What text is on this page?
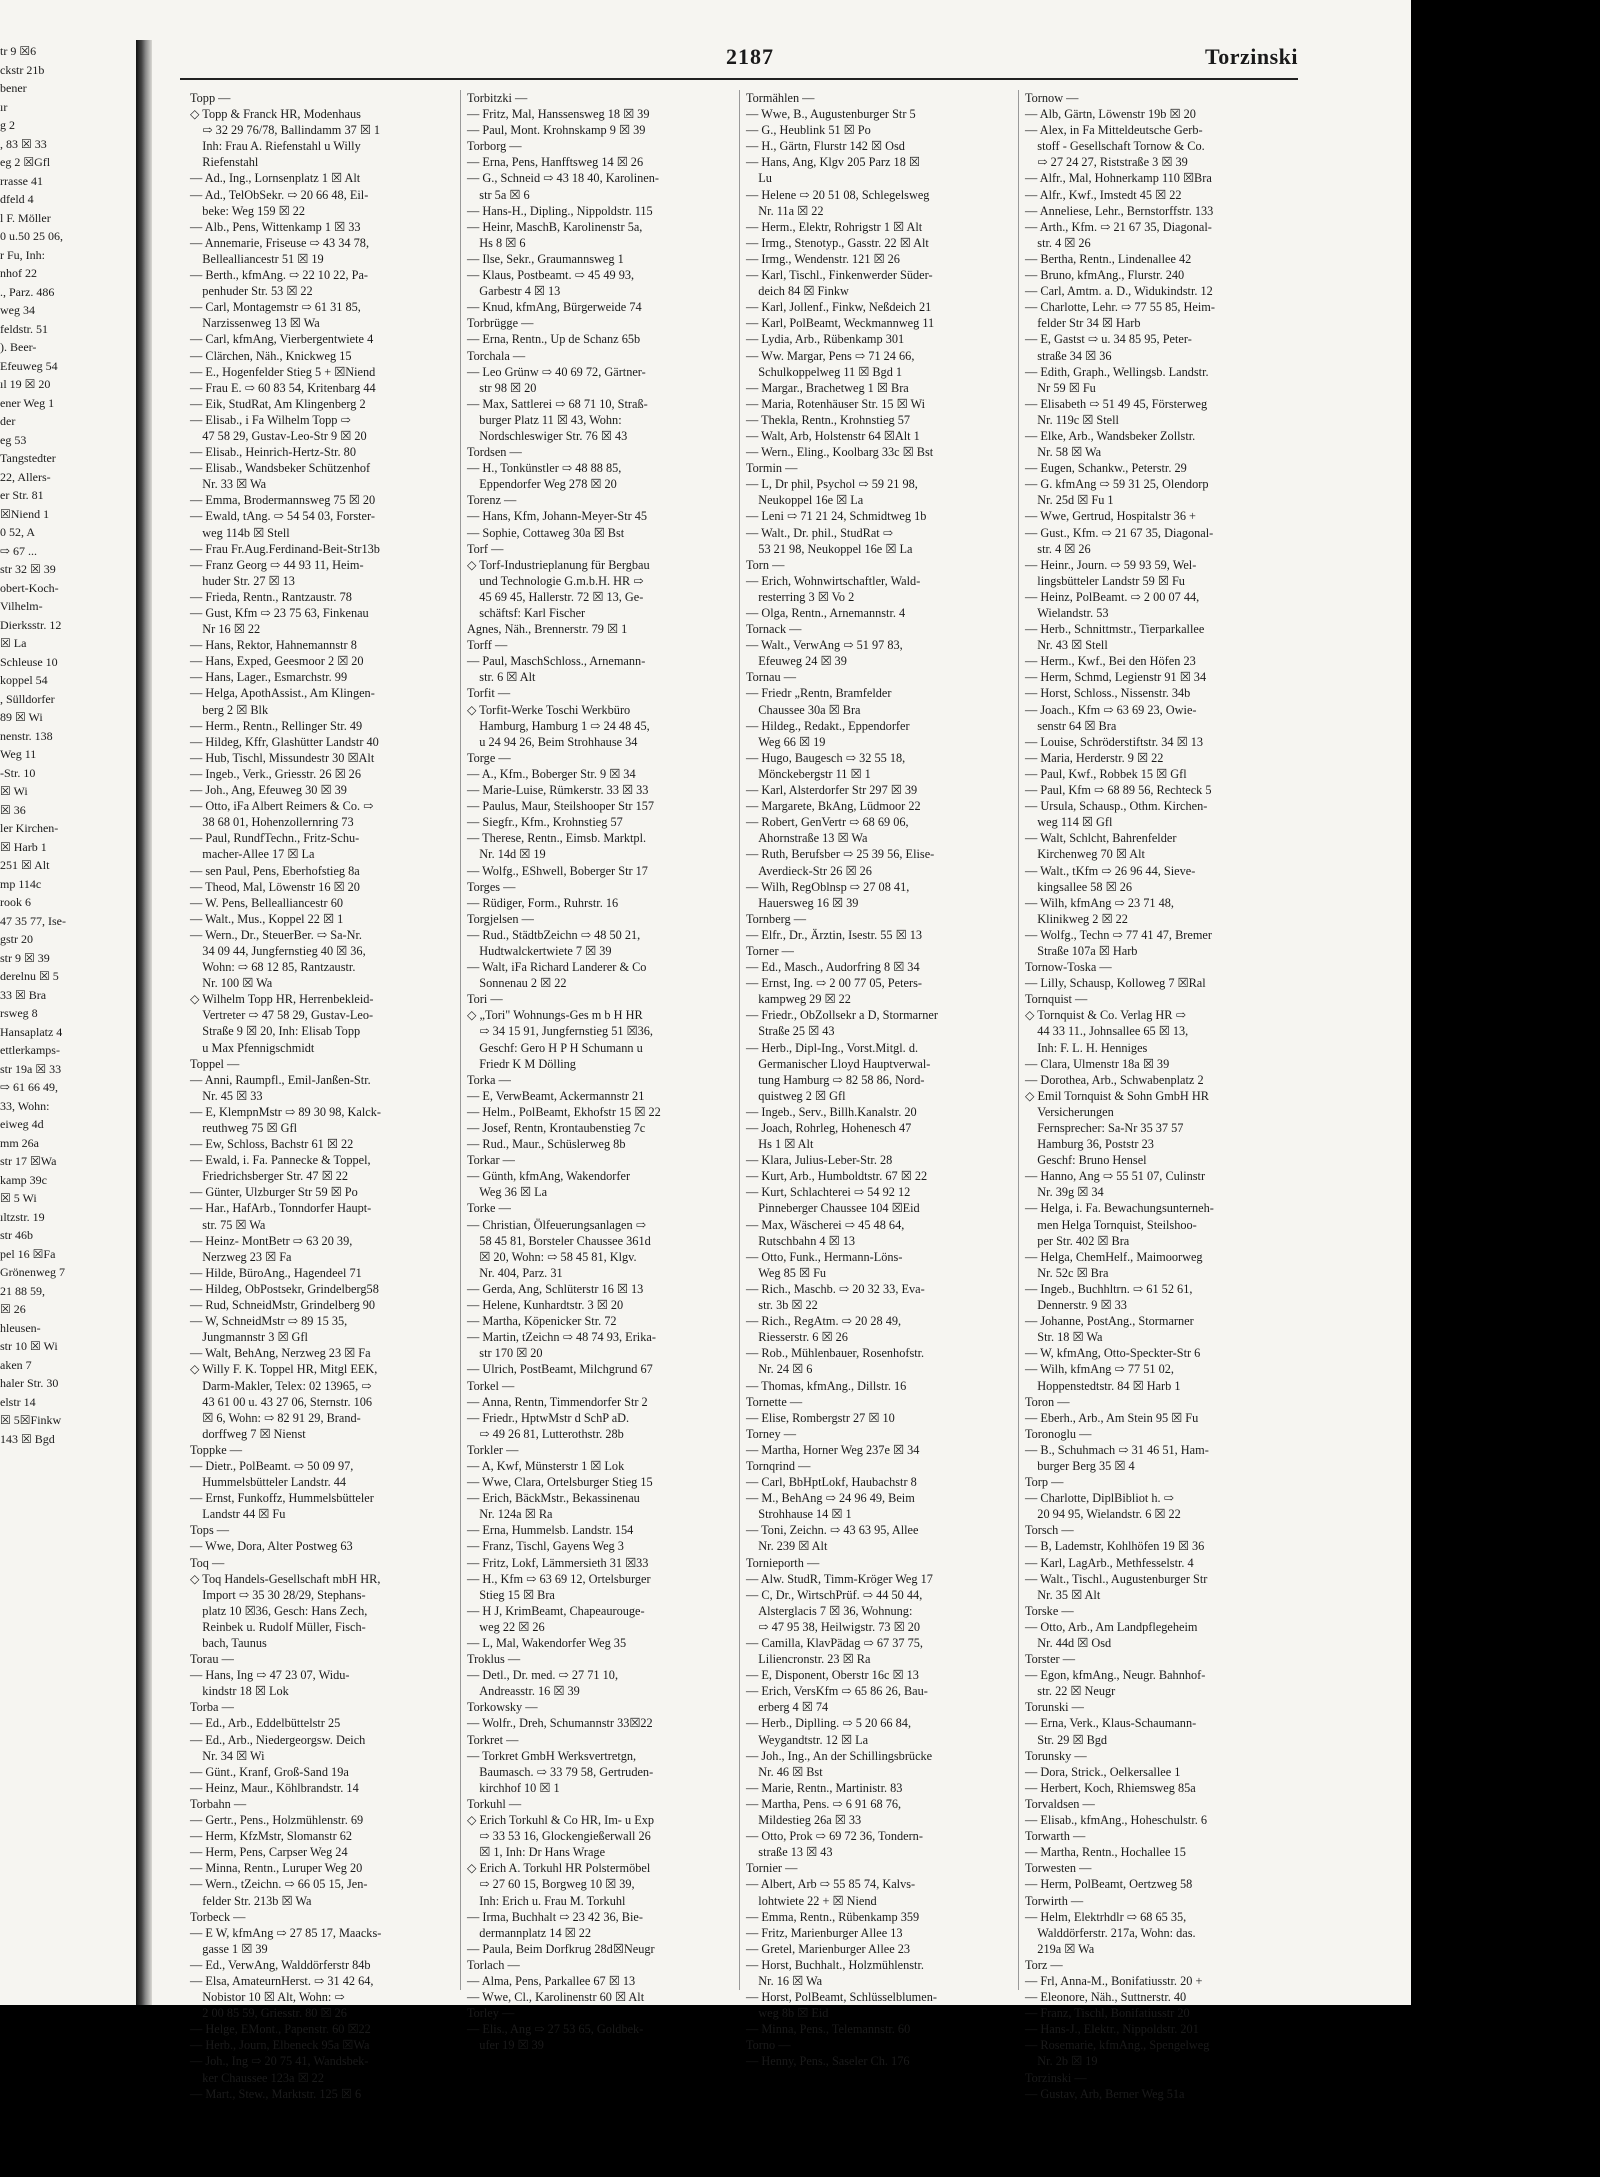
tr 9 ☒6
ckstr 21b
bener
ır
g 2
, 83 ☒ 33
eg 2 ☒Gfl
rrasse 41
dfeld 4
l F. Möller
0 u.50 25 06,
r Fu, Inh:
nhof 22
., Parz. 486
weg 34
feldstr. 51
). Beer-
Efeuweg 54
ıl 19 ☒ 20
ener Weg 1
der
eg 53
Tangstedter
22, Allers-
er Str. 81
☒Niend 1
0 52, A
⇨ 67 ...
str 32 ☒ 39
obert-Koch-
Vilhelm-
Dierksstr. 12
☒ La
Schleuse 10
koppel 54
, Sülldorfer
89 ☒ Wi
nenstr. 138
Weg 11
-Str. 10
☒ Wi
☒ 36
ler Kirchen-
☒ Harb 1
251 ☒ Alt
mp 114c
rook 6
47 35 77, Ise-
gstr 20
str 9 ☒ 39
derelnu ☒ 5
33 ☒ Bra
rsweg 8
Hansaplatz 4
ettlerkamps-
str 19a ☒ 33
⇨ 61 66 49,
33, Wohn:
eiweg 4d
mm 26a
str 17 ☒Wa
kamp 39c
☒ 5 Wi
ıltzstr. 19
str 46b
pel 16 ☒Fa
Grönenweg 7
21 88 59,
☒ 26
hleusen-
str 10 ☒ Wi
aken 7
haler Str. 30
elstr 14
☒ 5☒Finkw
143 ☒ Bgd
2187	Torzinski
Topp —
◇ Topp & Franck HR, Modenhaus
 ⇨ 32 29 76/78, Ballindamm 37 ☒ 1
 Inh: Frau A. Riefenstahl u Willy
 Riefenstahl
— Ad., Ing., Lornsenplatz 1 ☒ Alt
— Ad., TelObSekr. ⇨ 20 66 48, Eil-
 beke: Weg 159 ☒ 22
— Alb., Pens, Wittenkamp 1 ☒ 33
— Annemarie, Friseuse ⇨ 43 34 78,
 Bellealliancestr 51 ☒ 19
— Berth., kfmAng. ⇨ 22 10 22, Pa-
 penhuder Str. 53 ☒ 22
— Carl, Montagemstr ⇨ 61 31 85,
 Narzissenweg 13 ☒ Wa
— Carl, kfmAng, Vierbergentwiete 4
— Clärchen, Näh., Knickweg 15
— E., Hogenfelder Stieg 5 + ☒Niend
— Frau E. ⇨ 60 83 54, Kritenbarg 44
— Eik, StudRat, Am Klingenberg 2
— Elisab., i Fa Wilhelm Topp ⇨
 47 58 29, Gustav-Leo-Str 9 ☒ 20
— Elisab., Heinrich-Hertz-Str. 80
— Elisab., Wandsbeker Schützenhof
 Nr. 33 ☒ Wa
— Emma, Brodermannsweg 75 ☒ 20
— Ewald, tAng. ⇨ 54 54 03, Forster-
 weg 114b ☒ Stell
— Frau Fr.Aug.Ferdinand-Beit-Str13b
— Franz Georg ⇨ 44 93 11, Heim-
 huder Str. 27 ☒ 13
— Frieda, Rentn., Rantzaustr. 78
— Gust, Kfm ⇨ 23 75 63, Finkenau
 Nr 16 ☒ 22
— Hans, Rektor, Hahnemannstr 8
— Hans, Exped, Geesmoor 2 ☒ 20
— Hans, Lager., Esmarchstr. 99
— Helga, ApothAssist., Am Klingen-
 berg 2 ☒ Blk
— Herm., Rentn., Rellinger Str. 49
— Hildeg, Kffr, Glashütter Landstr 40
— Hub, Tischl, Missundestr 30 ☒Alt
— Ingeb., Verk., Griesstr. 26 ☒ 26
— Joh., Ang, Efeuweg 30 ☒ 39
— Otto, iFa Albert Reimers & Co. ⇨
 38 68 01, Hohenzollernring 73
— Paul, RundfTechn., Fritz-Schu-
 macher-Allee 17 ☒ La
— sen Paul, Pens, Eberhofstieg 8a
— Theod, Mal, Löwenstr 16 ☒ 20
— W. Pens, Bellealliancestr 60
— Walt., Mus., Koppel 22 ☒ 1
— Wern., Dr., SteuerBer. ⇨ Sa-Nr.
 34 09 44, Jungfernstieg 40 ☒ 36,
 Wohn: ⇨ 68 12 85, Rantzaustr.
 Nr. 100 ☒ Wa
◇ Wilhelm Topp HR, Herrenbekleid-
 Vertreter ⇨ 47 58 29, Gustav-Leo-
 Straße 9 ☒ 20, Inh: Elisab Topp
 u Max Pfennigschmidt
Toppel —
— Anni, Raumpfl., Emil-Janßen-Str.
 Nr. 45 ☒ 33
— E, KlempnMstr ⇨ 89 30 98, Kalck-
 reuthweg 75 ☒ Gfl
— Ew, Schloss, Bachstr 61 ☒ 22
— Ewald, i. Fa. Pannecke & Toppel,
 Friedrichsberger Str. 47 ☒ 22
— Günter, Ulzburger Str 59 ☒ Po
— Har., HafArb., Tonndorfer Haupt-
 str. 75 ☒ Wa
— Heinz- MontBetr ⇨ 63 20 39,
 Nerzweg 23 ☒ Fa
— Hilde, BüroAng., Hagendeel 71
— Hildeg, ObPostsekr, Grindelberg58
— Rud, SchneidMstr, Grindelberg 90
— W, SchneidMstr ⇨ 89 15 35,
 Jungmannstr 3 ☒ Gfl
— Walt, BehAng, Nerzweg 23 ☒ Fa
◇ Willy F. K. Toppel HR, Mitgl EEK,
 Darm-Makler, Telex: 02 13965, ⇨
 43 61 00 u. 43 27 06, Sternstr. 106
 ☒ 6, Wohn: ⇨ 82 91 29, Brand-
 dorffweg 7 ☒ Nienst
Toppke —
— Dietr., PolBeamt. ⇨ 50 09 97,
 Hummelsbütteler Landstr. 44
— Ernst, Funkoffz, Hummelsbütteler
 Landstr 44 ☒ Fu
Tops —
— Wwe, Dora, Alter Postweg 63
Toq —
◇ Toq Handels-Gesellschaft mbH HR,
 Import ⇨ 35 30 28/29, Stephans-
 platz 10 ☒36, Gesch: Hans Zech,
 Reinbek u. Rudolf Müller, Fisch-
 bach, Taunus
Torau —
— Hans, Ing ⇨ 47 23 07, Widu-
 kindstr 18 ☒ Lok
Torba —
— Ed., Arb., Eddelbüttelstr 25
— Ed., Arb., Niedergeorgsw. Deich
 Nr. 34 ☒ Wi
— Günt., Kranf, Groß-Sand 19a
— Heinz, Maur., Köhlbrandstr. 14
Torbahn —
— Gertr., Pens., Holzmühlenstr. 69
— Herm, KfzMstr, Slomanstr 62
— Herm, Pens, Carpser Weg 24
— Minna, Rentn., Luruper Weg 20
— Wern., tZeichn. ⇨ 66 05 15, Jen-
 felder Str. 213b ☒ Wa
Torbeck —
— E W, kfmAng ⇨ 27 85 17, Maacks-
 gasse 1 ☒ 39
— Ed., VerwAng, Walddörferstr 84b
— Elsa, AmateurnHerst. ⇨ 31 42 64,
 Nobistor 10 ☒ Alt, Wohn: ⇨
 2 00 85 59, Griesstr. 80 ☒ 26
— Helge, EMont., Papenstr. 60 ☒22
— Herb., Journ, Elbeneck 95a ☒Wa
— Joh., Ing ⇨ 20 75 41, Wandsbek-
 ker Chaussee 123a ☒ 22
— Mart., Stew., Marktstr. 125 ☒ 6
Torbitzki —
— Fritz, Mal, Hanssensweg 18 ☒ 39
— Paul, Mont. Krohnskamp 9 ☒ 39
Torborg —
— Erna, Pens, Hanfftsweg 14 ☒ 26
— G., Schneid ⇨ 43 18 40, Karolinen-
 str 5a ☒ 6
— Hans-H., Dipling., Nippoldstr. 115
— Heinr, MaschB, Karolinenstr 5a,
 Hs 8 ☒ 6
— Ilse, Sekr., Graumannsweg 1
— Klaus, Postbeamt. ⇨ 45 49 93,
 Garbestr 4 ☒ 13
— Knud, kfmAng, Bürgerweide 74
Torbrügge —
— Erna, Rentn., Up de Schanz 65b
Torchala —
— Leo Grünw ⇨ 40 69 72, Gärtner-
 str 98 ☒ 20
— Max, Sattlerei ⇨ 68 71 10, Straß-
 burger Platz 11 ☒ 43, Wohn:
 Nordschleswiger Str. 76 ☒ 43
Tordsen —
— H., Tonkünstler ⇨ 48 88 85,
 Eppendorfer Weg 278 ☒ 20
Torenz —
— Hans, Kfm, Johann-Meyer-Str 45
— Sophie, Cottaweg 30a ☒ Bst
Torf —
◇ Torf-Industrieplanung für Bergbau
 und Technologie G.m.b.H. HR ⇨
 45 69 45, Hallerstr. 72 ☒ 13, Ge-
 schäftsf: Karl Fischer
Agnes, Näh., Brennerstr. 79 ☒ 1
Torff —
— Paul, MaschSchloss., Arnemann-
 str. 6 ☒ Alt
Torfit —
◇ Torfit-Werke Toschi Werkbüro
 Hamburg, Hamburg 1 ⇨ 24 48 45,
 u 24 94 26, Beim Strohhause 34
Torge —
— A., Kfm., Boberger Str. 9 ☒ 34
— Marie-Luise, Rümkerstr. 33 ☒ 33
— Paulus, Maur, Steilshooper Str 157
— Siegfr., Kfm., Krohnstieg 57
— Therese, Rentn., Eimsb. Marktpl.
 Nr. 14d ☒ 19
— Wolfg., EShwell, Boberger Str 17
Torges —
— Rüdiger, Form., Ruhrstr. 16
Torgjelsen —
— Rud., StädtbZeichn ⇨ 48 50 21,
 Hudtwalckertwiete 7 ☒ 39
— Walt, iFa Richard Landerer & Co
 Sonnenau 2 ☒ 22
Tori —
◇ „Tori" Wohnungs-Ges m b H HR
 ⇨ 34 15 91, Jungfernstieg 51 ☒36,
 Geschf: Gero H P H Schumann u
 Friedr K M Dölling
Torka —
— E, VerwBeamt, Ackermannstr 21
— Helm., PolBeamt, Ekhofstr 15 ☒ 22
— Josef, Rentn, Krontaubenstieg 7c
— Rud., Maur., Schüslerweg 8b
Torkar —
— Günth, kfmAng, Wakendorfer
 Weg 36 ☒ La
Torke —
— Christian, Ölfeuerungsanlagen ⇨
 58 45 81, Borsteler Chaussee 361d
 ☒ 20, Wohn: ⇨ 58 45 81, Klgv.
 Nr. 404, Parz. 31
— Gerda, Ang, Schlüterstr 16 ☒ 13
— Helene, Kunhardtstr. 3 ☒ 20
— Martha, Köpenicker Str. 72
— Martin, tZeichn ⇨ 48 74 93, Erika-
 str 170 ☒ 20
— Ulrich, PostBeamt, Milchgrund 67
Torkel —
— Anna, Rentn, Timmendorfer Str 2
— Friedr., HptwMstr d SchP aD.
 ⇨ 49 26 81, Lutterothstr. 28b
Torkler —
— A, Kwf, Münsterstr 1 ☒ Lok
— Wwe, Clara, Ortelsburger Stieg 15
— Erich, BäckMstr., Bekassinenau
 Nr. 124a ☒ Ra
— Erna, Hummelsb. Landstr. 154
— Franz, Tischl, Gayens Weg 3
— Fritz, Lokf, Lämmersieth 31 ☒33
— H., Kfm ⇨ 63 69 12, Ortelsburger
 Stieg 15 ☒ Bra
— H J, KrimBeamt, Chapeaurouge-
 weg 22 ☒ 26
— L, Mal, Wakendorfer Weg 35
Troklus —
— Detl., Dr. med. ⇨ 27 71 10,
 Andreasstr. 16 ☒ 39
Torkowsky —
— Wolfr., Dreh, Schumannstr 33☒22
Torkret —
— Torkret GmbH Werksvertretgn,
 Baumasch. ⇨ 33 79 58, Gertruden-
 kirchhof 10 ☒ 1
Torkuhl —
◇ Erich Torkuhl & Co HR, Im- u Exp
 ⇨ 33 53 16, Glockengießerwall 26
 ☒ 1, Inh: Dr Hans Wrage
◇ Erich A. Torkuhl HR Polstermöbel
 ⇨ 27 60 15, Borgweg 10 ☒ 39,
 Inh: Erich u. Frau M. Torkuhl
— Irma, Buchhalt ⇨ 23 42 36, Bie-
 dermannplatz 14 ☒ 22
— Paula, Beim Dorfkrug 28d☒Neugr
Torlach —
— Alma, Pens, Parkallee 67 ☒ 13
— Wwe, Cl., Karolinenstr 60 ☒ Alt
Torley —
— Elis., Ang ⇨ 27 53 65, Goldbek-
 ufer 19 ☒ 39
Tormählen —
— Wwe, B., Augustenburger Str 5
— G., Heublink 51 ☒ Po
— H., Gärtn, Flurstr 142 ☒ Osd
— Hans, Ang, Klgv 205 Parz 18 ☒
 Lu
— Helene ⇨ 20 51 08, Schlegelsweg
 Nr. 11a ☒ 22
— Herm., Elektr, Rohrigstr 1 ☒ Alt
— Irmg., Stenotyp., Gasstr. 22 ☒ Alt
— Irmg., Wendenstr. 121 ☒ 26
— Karl, Tischl., Finkenwerder Süder-
 deich 84 ☒ Finkw
— Karl, Jollenf., Finkw, Neßdeich 21
— Karl, PolBeamt, Weckmannweg 11
— Lydia, Arb., Rübenkamp 301
— Ww. Margar, Pens ⇨ 71 24 66,
 Schulkoppelweg 11 ☒ Bgd 1
— Margar., Brachetweg 1 ☒ Bra
— Maria, Rotenhäuser Str. 15 ☒ Wi
— Thekla, Rentn., Krohnstieg 57
— Walt, Arb, Holstenstr 64 ☒Alt 1
— Wern., Eling., Koolbarg 33c ☒ Bst
Tormin —
— L, Dr phil, Psychol ⇨ 59 21 98,
 Neukoppel 16e ☒ La
— Leni ⇨ 71 21 24, Schmidtweg 1b
— Walt., Dr. phil., StudRat ⇨
 53 21 98, Neukoppel 16e ☒ La
Torn —
— Erich, Wohnwirtschaftler, Wald-
 resterring 3 ☒ Vo 2
— Olga, Rentn., Arnemannstr. 4
Tornack —
— Walt., VerwAng ⇨ 51 97 83,
 Efeuweg 24 ☒ 39
Tornau —
— Friedr „Rentn, Bramfelder
 Chaussee 30a ☒ Bra
— Hildeg., Redakt., Eppendorfer
 Weg 66 ☒ 19
— Hugo, Baugesch ⇨ 32 55 18,
 Mönckebergstr 11 ☒ 1
— Karl, Alsterdorfer Str 297 ☒ 39
— Margarete, BkAng, Lüdmoor 22
— Robert, GenVertr ⇨ 68 69 06,
 Ahornstraße 13 ☒ Wa
— Ruth, Berufsber ⇨ 25 39 56, Elise-
 Averdieck-Str 26 ☒ 26
— Wilh, RegOblnsp ⇨ 27 08 41,
 Hauersweg 16 ☒ 39
Tornberg —
— Elfr., Dr., Ärztin, Isestr. 55 ☒ 13
Torner —
— Ed., Masch., Audorfring 8 ☒ 34
— Ernst, Ing. ⇨ 2 00 77 05, Peters-
 kampweg 29 ☒ 22
— Friedr., ObZollsekr a D, Stormarner
 Straße 25 ☒ 43
— Herb., Dipl-Ing., Vorst.Mitgl. d.
 Germanischer Lloyd Hauptverwal-
 tung Hamburg ⇨ 82 58 86, Nord-
 quistweg 2 ☒ Gfl
— Ingeb., Serv., Billh.Kanalstr. 20
— Joach, Rohrleg, Hohenesch 47
 Hs 1 ☒ Alt
— Klara, Julius-Leber-Str. 28
— Kurt, Arb., Humboldtstr. 67 ☒ 22
— Kurt, Schlachterei ⇨ 54 92 12
 Pinneberger Chaussee 104 ☒Eid
— Max, Wäscherei ⇨ 45 48 64,
 Rutschbahn 4 ☒ 13
— Otto, Funk., Hermann-Löns-
 Weg 85 ☒ Fu
— Rich., Maschb. ⇨ 20 32 33, Eva-
 str. 3b ☒ 22
— Rich., RegAtm. ⇨ 20 28 49,
 Riesserstr. 6 ☒ 26
— Rob., Mühlenbauer, Rosenhofstr.
 Nr. 24 ☒ 6
— Thomas, kfmAng., Dillstr. 16
Tornette —
— Elise, Rombergstr 27 ☒ 10
Torney —
— Martha, Horner Weg 237e ☒ 34
Tornqrind —
— Carl, BbHptLokf, Haubachstr 8
— M., BehAng ⇨ 24 96 49, Beim
 Strohhause 14 ☒ 1
— Toni, Zeichn. ⇨ 43 63 95, Allee
 Nr. 239 ☒ Alt
Tornieporth —
— Alw. StudR, Timm-Kröger Weg 17
— C, Dr., WirtschPrüf. ⇨ 44 50 44,
 Alsterglacis 7 ☒ 36, Wohnung:
 ⇨ 47 95 38, Heilwigstr. 73 ☒ 20
— Camilla, KlavPädag ⇨ 67 37 75,
 Liliencronstr. 23 ☒ Ra
— E, Disponent, Oberstr 16c ☒ 13
— Erich, VersKfm ⇨ 65 86 26, Bau-
 erberg 4 ☒ 74
— Herb., Diplling. ⇨ 5 20 66 84,
 Weygandtstr. 12 ☒ La
— Joh., Ing., An der Schillingsbrücke
 Nr. 46 ☒ Bst
— Marie, Rentn., Martinistr. 83
— Martha, Pens. ⇨ 6 91 68 76,
 Mildestieg 26a ☒ 33
— Otto, Prok ⇨ 69 72 36, Tondern-
 straße 13 ☒ 43
Tornier —
— Albert, Arb ⇨ 55 85 74, Kalvs-
 lohtwiete 22 + ☒ Niend
— Emma, Rentn., Rübenkamp 359
— Fritz, Marienburger Allee 13
— Gretel, Marienburger Allee 23
— Horst, Buchhalt., Holzmühlenstr.
 Nr. 16 ☒ Wa
— Horst, PolBeamt, Schlüsselblumen-
 weg 8b ☒ Eid
— Minna, Pens., Telemannstr. 60
Torno —
— Henny, Pens., Saseler Ch. 176
Tornow —
— Alb, Gärtn, Löwenstr 19b ☒ 20
— Alex, in Fa Mitteldeutsche Gerb-
 stoff - Gesellschaft Tornow & Co.
 ⇨ 27 24 27, Riststraße 3 ☒ 39
— Alfr., Mal, Hohnerkamp 110 ☒Bra
— Alfr., Kwf., Imstedt 45 ☒ 22
— Anneliese, Lehr., Bernstorffstr. 133
— Arth., Kfm. ⇨ 21 67 35, Diagonal-
 str. 4 ☒ 26
— Bertha, Rentn., Lindenallee 42
— Bruno, kfmAng., Flurstr. 240
— Carl, Amtm. a. D., Widukindstr. 12
— Charlotte, Lehr. ⇨ 77 55 85, Heim-
 felder Str 34 ☒ Harb
— E, Gastst ⇨ u. 34 85 95, Peter-
 straße 34 ☒ 36
— Edith, Graph., Wellingsb. Landstr.
 Nr 59 ☒ Fu
— Elisabeth ⇨ 51 49 45, Försterweg
 Nr. 119c ☒ Stell
— Elke, Arb., Wandsbeker Zollstr.
 Nr. 58 ☒ Wa
— Eugen, Schankw., Peterstr. 29
— G. kfmAng ⇨ 59 31 25, Olendorp
 Nr. 25d ☒ Fu 1
— Wwe, Gertrud, Hospitalstr 36 +
— Gust., Kfm. ⇨ 21 67 35, Diagonal-
 str. 4 ☒ 26
— Heinr., Journ. ⇨ 59 93 59, Wel-
 lingsbütteler Landstr 59 ☒ Fu
— Heinz, PolBeamt. ⇨ 2 00 07 44,
 Wielandstr. 53
— Herb., Schnittmstr., Tierparkallee
 Nr. 43 ☒ Stell
— Herm., Kwf., Bei den Höfen 23
— Herm, Schmd, Legienstr 91 ☒ 34
— Horst, Schloss., Nissenstr. 34b
— Joach., Kfm ⇨ 63 69 23, Owie-
 senstr 64 ☒ Bra
— Louise, Schröderstiftstr. 34 ☒ 13
— Maria, Herderstr. 9 ☒ 22
— Paul, Kwf., Robbek 15 ☒ Gfl
— Paul, Kfm ⇨ 68 89 56, Rechteck 5
— Ursula, Schausp., Othm. Kirchen-
 weg 114 ☒ Gfl
— Walt, Schlcht, Bahrenfelder
 Kirchenweg 70 ☒ Alt
— Walt., tKfm ⇨ 26 96 44, Sieve-
 kingsallee 58 ☒ 26
— Wilh, kfmAng ⇨ 23 71 48,
 Klinikweg 2 ☒ 22
— Wolfg., Techn ⇨ 77 41 47, Bremer
 Straße 107a ☒ Harb
Tornow-Toska —
— Lilly, Schausp, Kolloweg 7 ☒Ral
Tornquist —
◇ Tornquist & Co. Verlag HR ⇨
 44 33 11., Johnsallee 65 ☒ 13,
 Inh: F. L. H. Henniges
— Clara, Ulmenstr 18a ☒ 39
— Dorothea, Arb., Schwabenplatz 2
◇ Emil Tornquist & Sohn GmbH HR
 Versicherungen
 Fernsprecher: Sa-Nr 35 37 57
 Hamburg 36, Poststr 23
 Geschf: Bruno Hensel
— Hanno, Ang ⇨ 55 51 07, Culinstr
 Nr. 39g ☒ 34
— Helga, i. Fa. Bewachungsunterneh-
 men Helga Tornquist, Steilshoo-
 per Str. 402 ☒ Bra
— Helga, ChemHelf., Maimoorweg
 Nr. 52c ☒ Bra
— Ingeb., Buchhltrn. ⇨ 61 52 61,
 Dennerstr. 9 ☒ 33
— Johanne, PostAng., Stormarner
 Str. 18 ☒ Wa
— W, kfmAng, Otto-Speckter-Str 6
— Wilh, kfmAng ⇨ 77 51 02,
 Hoppenstedtstr. 84 ☒ Harb 1
Toron —
— Eberh., Arb., Am Stein 95 ☒ Fu
Toronoglu —
— B., Schuhmach ⇨ 31 46 51, Ham-
 burger Berg 35 ☒ 4
Torp —
— Charlotte, DiplBibliot h. ⇨
 20 94 95, Wielandstr. 6 ☒ 22
Torsch —
— B, Lademstr, Kohlhöfen 19 ☒ 36
— Karl, LagArb., Methfesselstr. 4
— Walt., Tischl., Augustenburger Str
 Nr. 35 ☒ Alt
Torske —
— Otto, Arb., Am Landpflegeheim
 Nr. 44d ☒ Osd
Torster —
— Egon, kfmAng., Neugr. Bahnhof-
 str. 22 ☒ Neugr
Torunski —
— Erna, Verk., Klaus-Schaumann-
 Str. 29 ☒ Bgd
Torunsky —
— Dora, Strick., Oelkersallee 1
— Herbert, Koch, Rhiemsweg 85a
Torvaldsen —
— Elisab., kfmAng., Hoheschulstr. 6
Torwarth —
— Martha, Rentn., Hochallee 15
Torwesten —
— Herm, PolBeamt, Oertzweg 58
Torwirth —
— Helm, Elektrhdlr ⇨ 68 65 35,
 Walddörferstr. 217a, Wohn: das.
 219a ☒ Wa
Torz —
— Frl, Anna-M., Bonifatiusstr. 20 +
— Eleonore, Näh., Suttnerstr. 40
— Franz, Tischl, Bonifatiusstr 20
— Hans-J., Elektr., Nippoldstr. 201
— Rosemarie, kfmAng., Spengelweg
 Nr. 2b ☒ 19
Torzinski —
— Gustav, Arb, Berner Weg 51a
